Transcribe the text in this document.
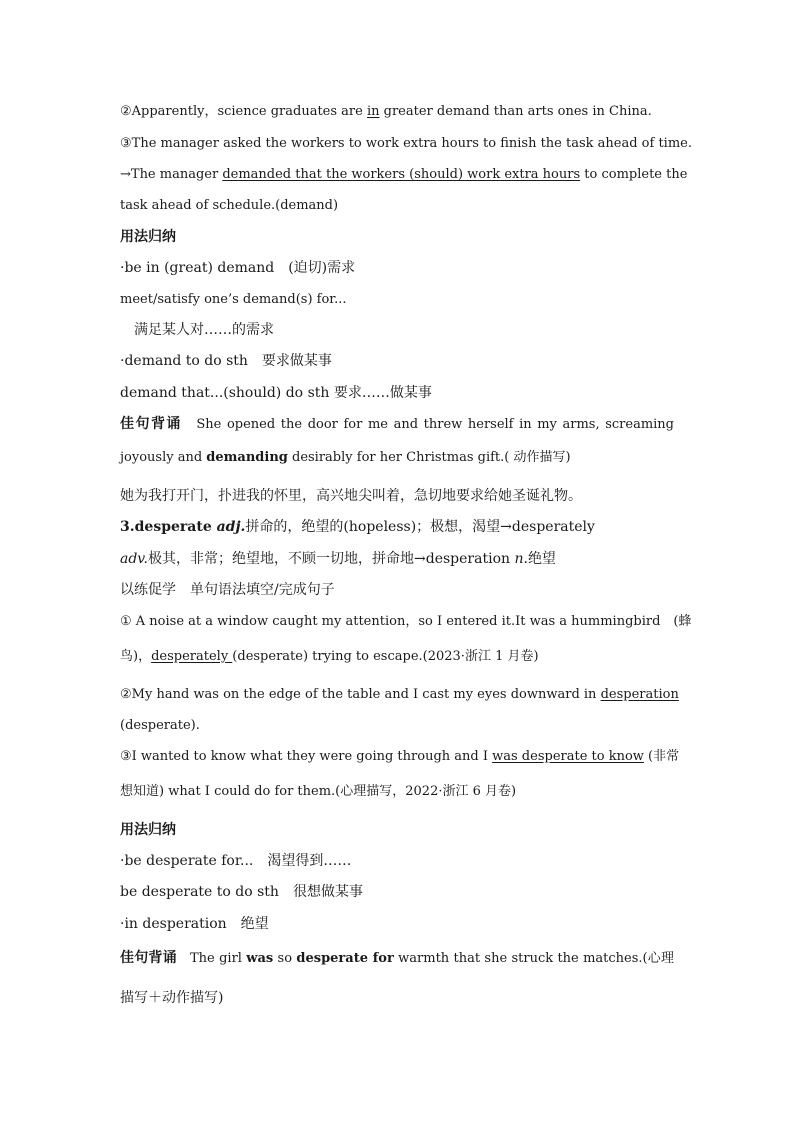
②Apparently，science graduates are in greater demand than arts ones in China.
③The manager asked the workers to work extra hours to finish the task ahead of time.
→The manager demanded that the workers (should) work extra hours to complete the
task ahead of schedule.(demand)
用法归纳
·be in (great) demand　(迫切)需求
meet/satisfy one’s demand(s) for...
　满足某人对……的需求
·demand to do sth　要求做某事
demand that...(should) do sth 要求……做某事
佳句背诵　She opened the door for me and threw herself in my arms, screaming
joyously and demanding desirably for her Christmas gift.( 动作描写)
她为我打开门，扑进我的怀里，高兴地尖叫着，急切地要求给她圣诞礼物。
3.desperate adj.拼命的，绝望的(hopeless)；极想，渴望→desperately
adv.极其，非常；绝望地，不顾一切地，拼命地→desperation n.绝望
以练促学　单句语法填空/完成句子
① A noise at a window caught my attention，so I entered it.It was a hummingbird　(蜂
鸟)，desperately (desperate) trying to escape.(2023·浙江 1 月卷)
②My hand was on the edge of the table and I cast my eyes downward in desperation
(desperate).
③I wanted to know what they were going through and I was desperate to know (非常
想知道) what I could do for them.(心理描写，2022·浙江 6 月卷)
用法归纳
·be desperate for...　渴望得到……
be desperate to do sth　很想做某事
·in desperation　绝望
佳句背诵　The girl was so desperate for warmth that she struck the matches.(心理
描写＋动作描写)
